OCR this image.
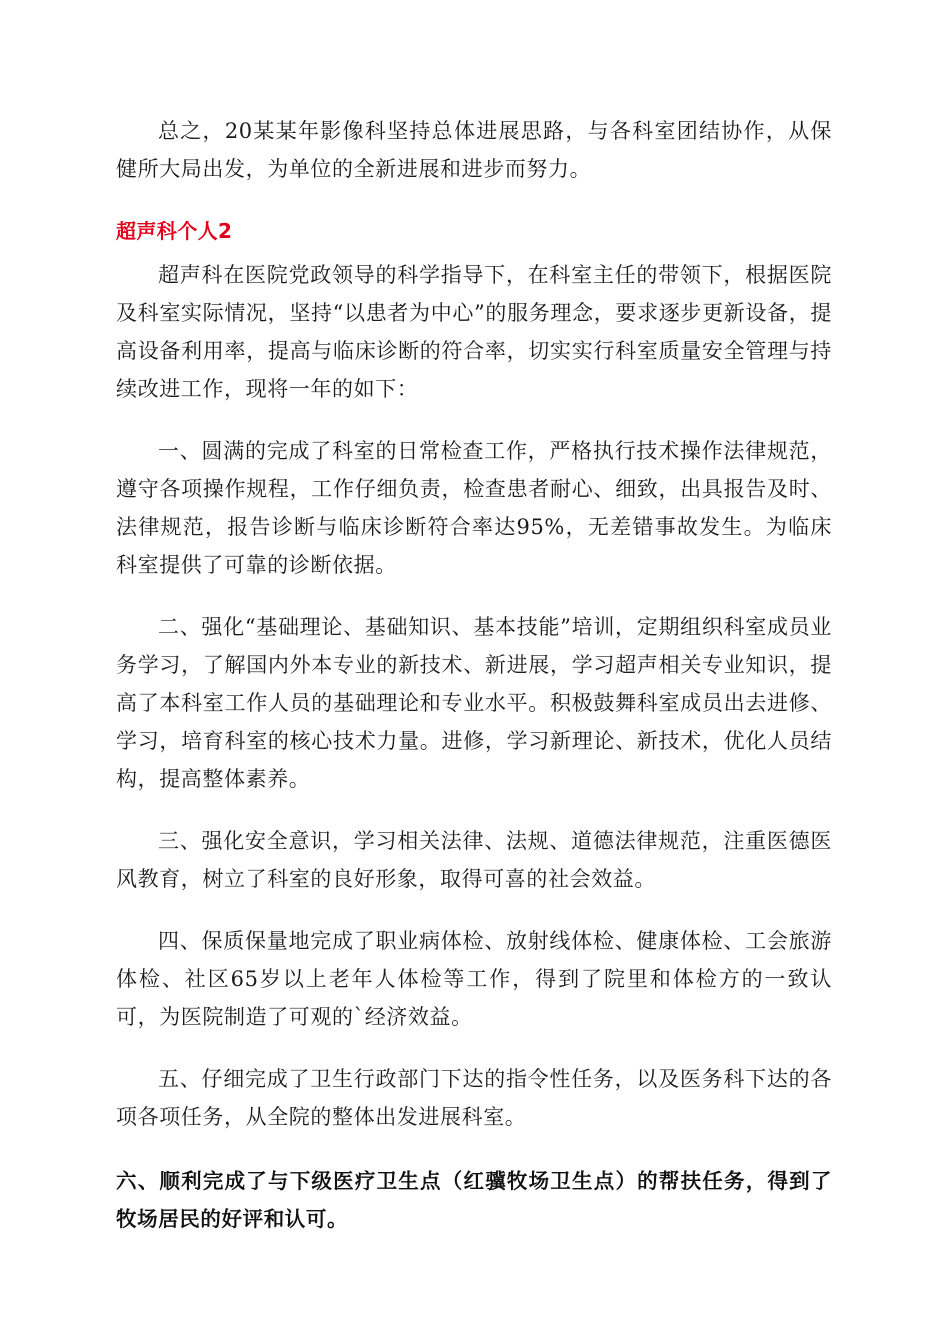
总之，20某某年影像科坚持总体进展思路，与各科室团结协作，从保健所大局出发，为单位的全新进展和进步而努力。

超声科个人2

超声科在医院党政领导的科学指导下，在科室主任的带领下，根据医院及科室实际情况，坚持“以患者为中心”的服务理念，要求逐步更新设备，提高设备利用率，提高与临床诊断的符合率，切实实行科室质量安全管理与持续改进工作，现将一年的如下：

一、圆满的完成了科室的日常检查工作，严格执行技术操作法律规范，遵守各项操作规程，工作仔细负责，检查患者耐心、细致，出具报告及时、法律规范，报告诊断与临床诊断符合率达95%，无差错事故发生。为临床科室提供了可靠的诊断依据。

二、强化“基础理论、基础知识、基本技能”培训，定期组织科室成员业务学习，了解国内外本专业的新技术、新进展，学习超声相关专业知识，提高了本科室工作人员的基础理论和专业水平。积极鼓舞科室成员出去进修、学习，培育科室的核心技术力量。进修，学习新理论、新技术，优化人员结构，提高整体素养。

三、强化安全意识，学习相关法律、法规、道德法律规范，注重医德医风教育，树立了科室的良好形象，取得可喜的社会效益。

四、保质保量地完成了职业病体检、放射线体检、健康体检、工会旅游体检、社区65岁以上老年人体检等工作，得到了院里和体检方的一致认可，为医院制造了可观的`经济效益。

五、仔细完成了卫生行政部门下达的指令性任务，以及医务科下达的各项各项任务，从全院的整体出发进展科室。

六、顺利完成了与下级医疗卫生点（红骥牧场卫生点）的帮扶任务，得到了牧场居民的好评和认可。
